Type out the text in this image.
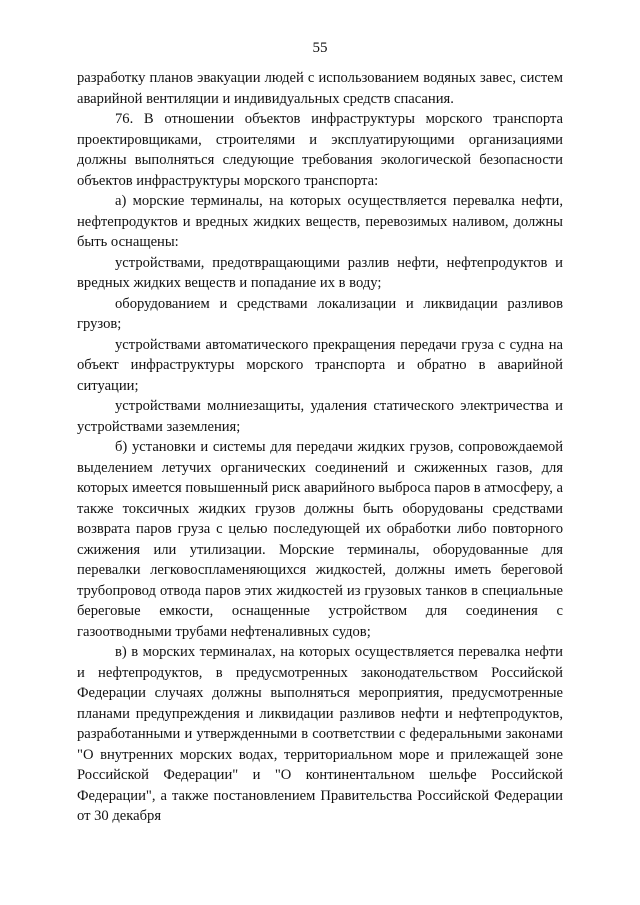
55

разработку планов эвакуации людей с использованием водяных завес, систем аварийной вентиляции и индивидуальных средств спасания.

76. В отношении объектов инфраструктуры морского транспорта проектировщиками, строителями и эксплуатирующими организациями должны выполняться следующие требования экологической безопасности объектов инфраструктуры морского транспорта:

а) морские терминалы, на которых осуществляется перевалка нефти, нефтепродуктов и вредных жидких веществ, перевозимых наливом, должны быть оснащены:

устройствами, предотвращающими разлив нефти, нефтепродуктов и вредных жидких веществ и попадание их в воду;

оборудованием и средствами локализации и ликвидации разливов грузов;

устройствами автоматического прекращения передачи груза с судна на объект инфраструктуры морского транспорта и обратно в аварийной ситуации;

устройствами молниезащиты, удаления статического электричества и устройствами заземления;

б) установки и системы для передачи жидких грузов, сопровождаемой выделением летучих органических соединений и сжиженных газов, для которых имеется повышенный риск аварийного выброса паров в атмосферу, а также токсичных жидких грузов должны быть оборудованы средствами возврата паров груза с целью последующей их обработки либо повторного сжижения или утилизации. Морские терминалы, оборудованные для перевалки легковоспламеняющихся жидкостей, должны иметь береговой трубопровод отвода паров этих жидкостей из грузовых танков в специальные береговые емкости, оснащенные устройством для соединения с газоотводными трубами нефтеналивных судов;

в) в морских терминалах, на которых осуществляется перевалка нефти и нефтепродуктов, в предусмотренных законодательством Российской Федерации случаях должны выполняться мероприятия, предусмотренные планами предупреждения и ликвидации разливов нефти и нефтепродуктов, разработанными и утвержденными в соответствии с федеральными законами "О внутренних морских водах, территориальном море и прилежащей зоне Российской Федерации" и "О континентальном шельфе Российской Федерации", а также постановлением Правительства Российской Федерации от 30 декабря
